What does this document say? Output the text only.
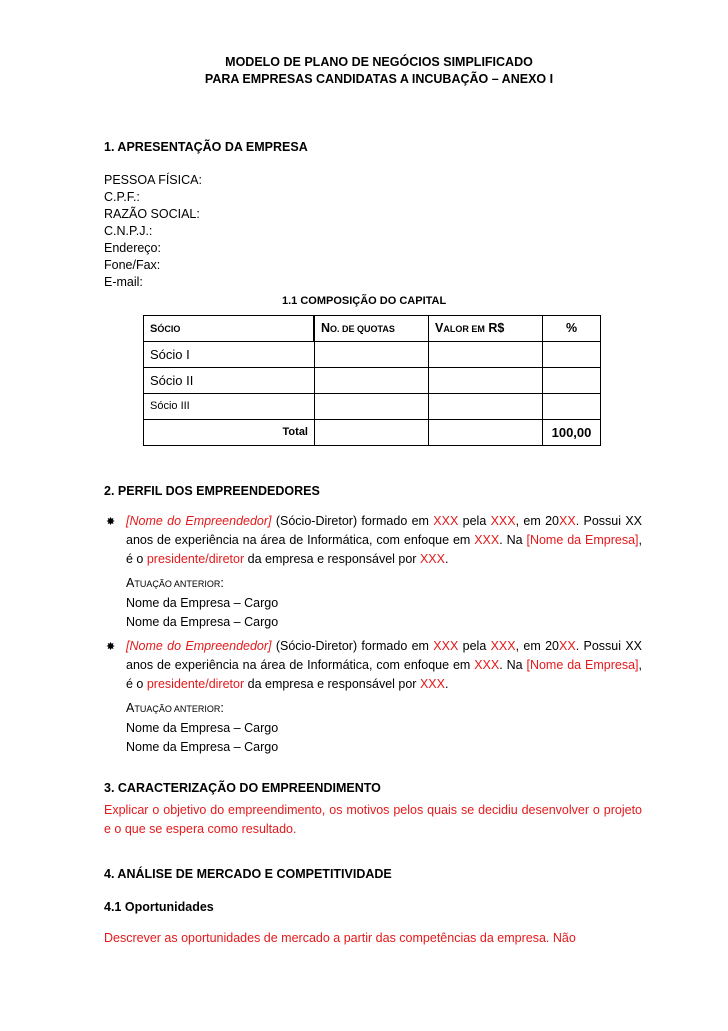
MODELO DE PLANO DE NEGÓCIOS SIMPLIFICADO
PARA EMPRESAS CANDIDATAS A INCUBAÇÃO – ANEXO I
1. APRESENTAÇÃO DA EMPRESA
PESSOA FÍSICA:
C.P.F.:
RAZÃO SOCIAL:
C.N.P.J.:
Endereço:
Fone/Fax:
E-mail:
1.1 COMPOSIÇÃO DO CAPITAL
SÓCIO		NO. DE QUOTAS	VALOR EM R$	%
Sócio I			
Sócio II			
Sócio III			
Total			100,00
2. PERFIL DOS EMPREENDEDORES
✸ [Nome do Empreendedor] (Sócio-Diretor) formado em XXX pela XXX, em 20XX. Possui XX anos de experiência na área de Informática, com enfoque em XXX. Na [Nome da Empresa], é o presidente/diretor da empresa e responsável por XXX.
ATUAÇÃO ANTERIOR:
Nome da Empresa – Cargo
Nome da Empresa – Cargo
✸ [Nome do Empreendedor] (Sócio-Diretor) formado em XXX pela XXX, em 20XX. Possui XX anos de experiência na área de Informática, com enfoque em XXX. Na [Nome da Empresa], é o presidente/diretor da empresa e responsável por XXX.
ATUAÇÃO ANTERIOR:
Nome da Empresa – Cargo
Nome da Empresa – Cargo
3. CARACTERIZAÇÃO DO EMPREENDIMENTO
Explicar o objetivo do empreendimento, os motivos pelos quais se decidiu desenvolver o projeto e o que se espera como resultado.
4. ANÁLISE DE MERCADO E COMPETITIVIDADE
4.1 Oportunidades
Descrever as oportunidades de mercado a partir das competências da empresa. Não
